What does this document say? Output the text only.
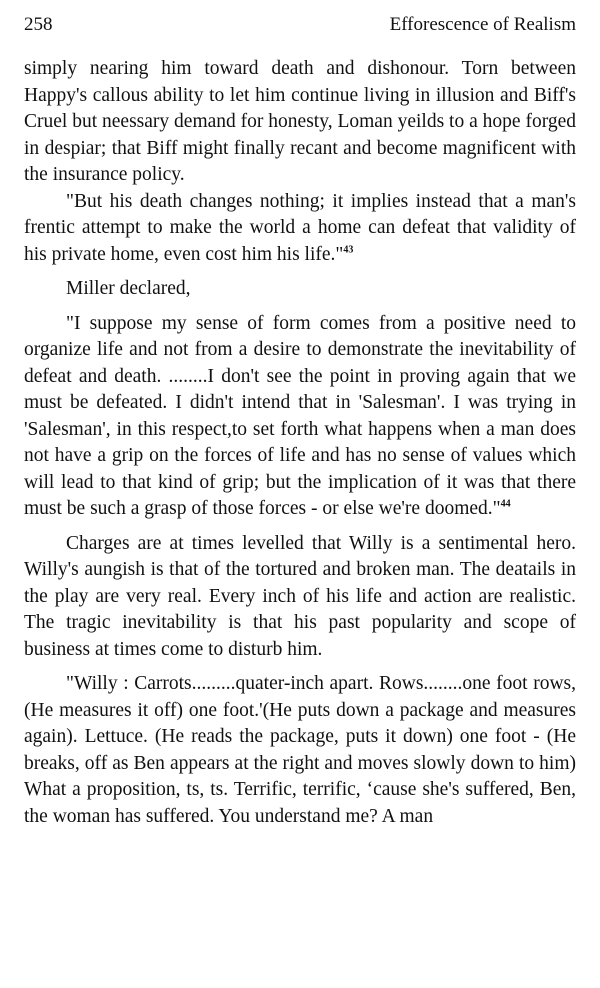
258	Efforescence of Realism

simply nearing him toward death and dishonour. Torn between Happy's callous ability to let him continue living in illusion and Biff's Cruel but neessary demand for honesty, Loman yeilds to a hope forged in despiar; that Biff might finally recant and become magnificent with the insurance policy.

"But his death changes nothing; it implies instead that a man's frentic attempt to make the world a home can defeat that validity of his private home, even cost him his life."$^{43}$

Miller declared,

"I suppose my sense of form comes from a positive need to organize life and not from a desire to demonstrate the inevitability of defeat and death. ........I don't see the point in proving again that we must be defeated. I didn't intend that in 'Salesman'. I was trying in 'Salesman', in this respect,to set forth what happens when a man does not have a grip on the forces of life and has no sense of values which will lead to that kind of grip; but the implication of it was that there must be such a grasp of those forces - or else we're doomed."$^{44}$

Charges are at times levelled that Willy is a sentimental hero. Willy's aungish is that of the tortured and broken man. The deatails in the play are very real. Every inch of his life and action are realistic. The tragic inevitability is that his past popularity and scope of business at times come to disturb him.

"Willy : Carrots.........quater-inch apart. Rows........one foot rows, (He measures it off) one foot.'(He puts down a package and measures again). Lettuce. (He reads the package, puts it down) one foot - (He breaks, off as Ben appears at the right and moves slowly down to him) What a proposition, ts, ts. Terrific, terrific, ‘cause she's suffered, Ben, the woman has suffered. You understand me? A man
